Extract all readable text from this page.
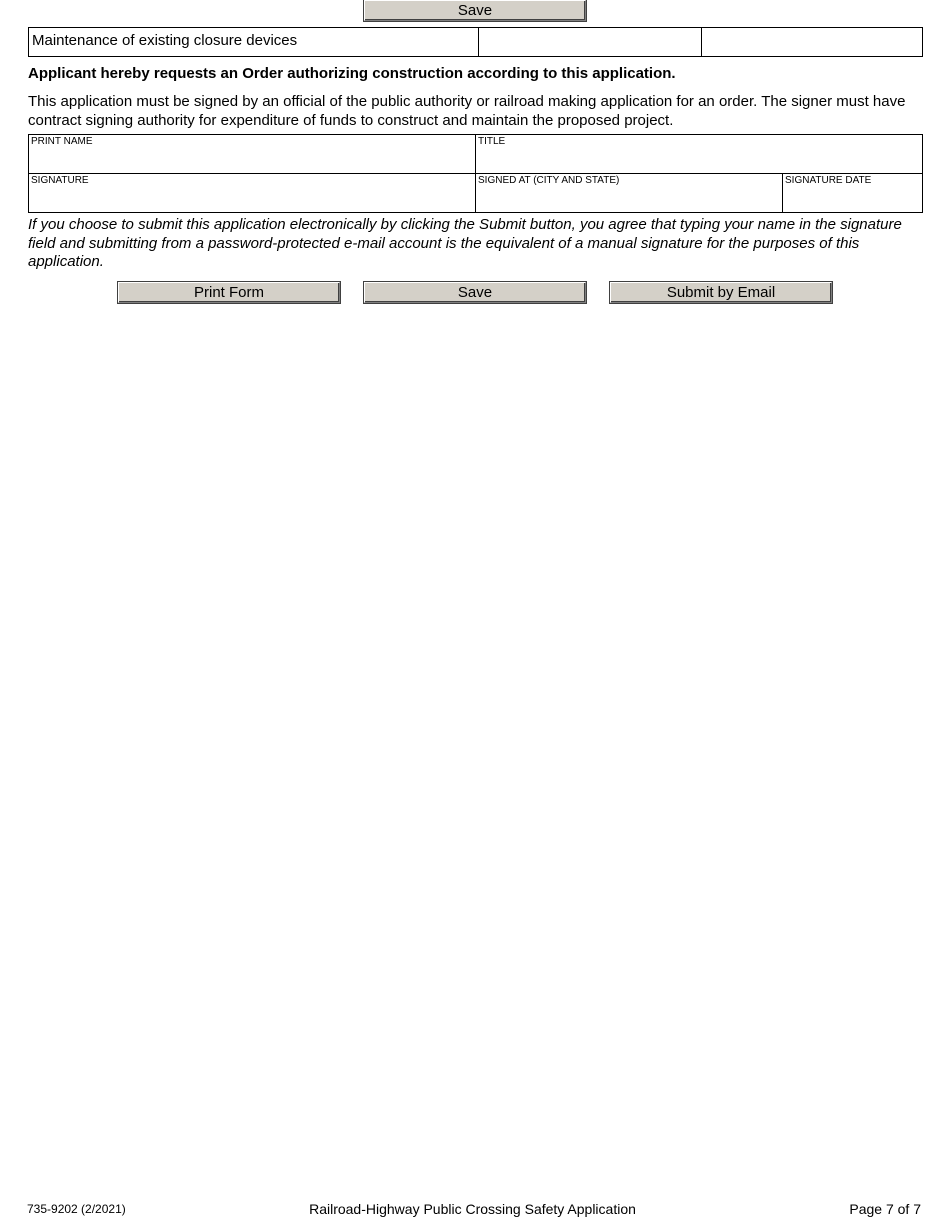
Save
Maintenance of existing closure devices	

Applicant hereby requests an Order authorizing construction according to this application.
This application must be signed by an official of the public authority or railroad making application for an order. The signer must have contract signing authority for expenditure of funds to construct and maintain the proposed project.
PRINT NAME	TITLE	

SIGNATURE	SIGNED AT (CITY AND STATE)	SIGNATURE DATE
If you choose to submit this application electronically by clicking the Submit button, you agree that typing your name in the signature field and submitting from a password-protected e-mail account is the equivalent of a manual signature for the purposes of this application.
Print Form	Save	Submit by Email
735-9202 (2/2021)	Railroad-Highway Public Crossing Safety Application	Page 7 of 7
